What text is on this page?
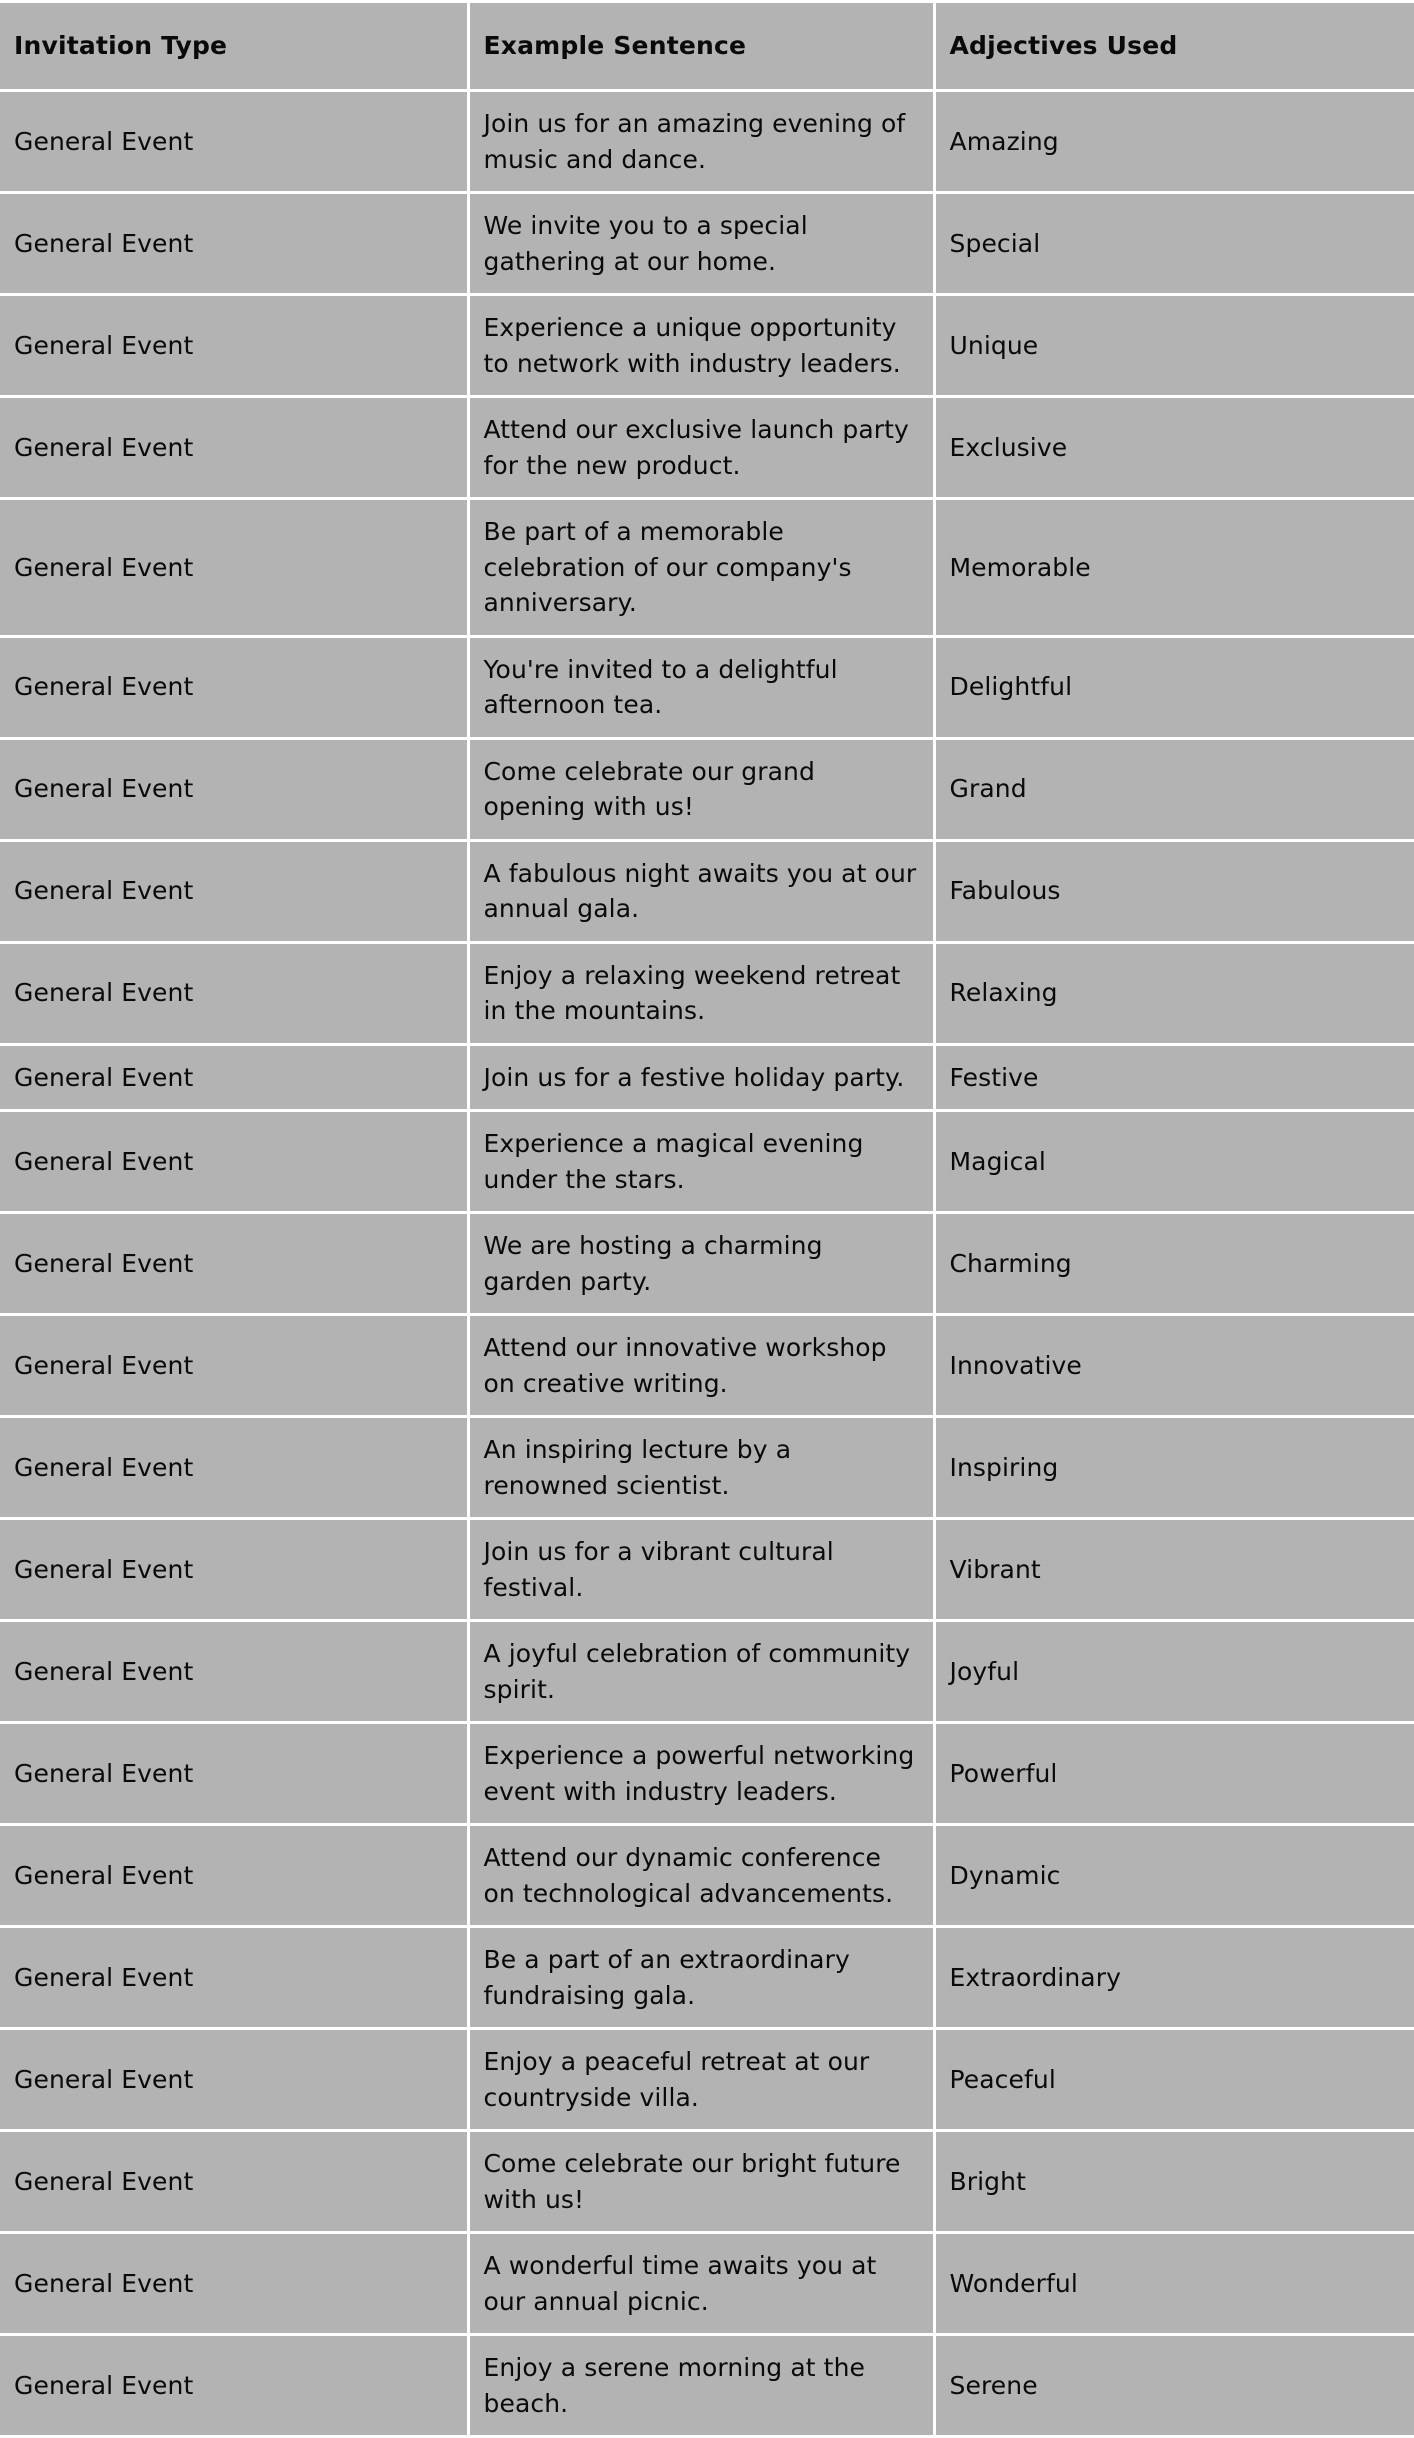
Invitation Type	Example Sentence	Adjectives Used
General Event	Join us for an amazing evening of music and dance.	Amazing
General Event	We invite you to a special gathering at our home.	Special
General Event	Experience a unique opportunity to network with industry leaders.	Unique
General Event	Attend our exclusive launch party for the new product.	Exclusive
General Event	Be part of a memorable celebration of our company's anniversary.	Memorable
General Event	You're invited to a delightful afternoon tea.	Delightful
General Event	Come celebrate our grand opening with us!	Grand
General Event	A fabulous night awaits you at our annual gala.	Fabulous
General Event	Enjoy a relaxing weekend retreat in the mountains.	Relaxing
General Event	Join us for a festive holiday party.	Festive
General Event	Experience a magical evening under the stars.	Magical
General Event	We are hosting a charming garden party.	Charming
General Event	Attend our innovative workshop on creative writing.	Innovative
General Event	An inspiring lecture by a renowned scientist.	Inspiring
General Event	Join us for a vibrant cultural festival.	Vibrant
General Event	A joyful celebration of community spirit.	Joyful
General Event	Experience a powerful networking event with industry leaders.	Powerful
General Event	Attend our dynamic conference on technological advancements.	Dynamic
General Event	Be a part of an extraordinary fundraising gala.	Extraordinary
General Event	Enjoy a peaceful retreat at our countryside villa.	Peaceful
General Event	Come celebrate our bright future with us!	Bright
General Event	A wonderful time awaits you at our annual picnic.	Wonderful
General Event	Enjoy a serene morning at the beach.	Serene
